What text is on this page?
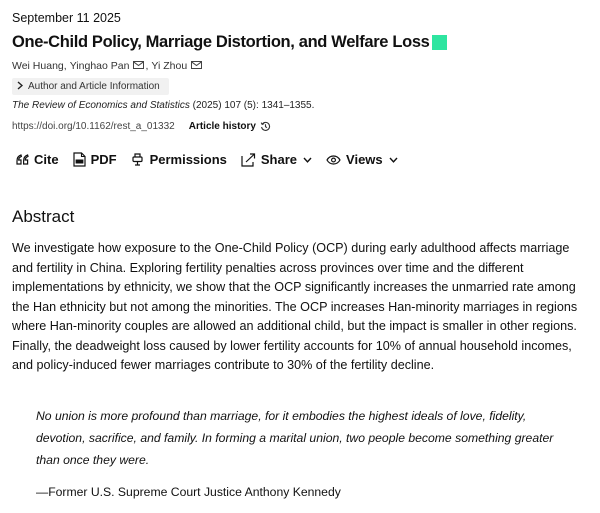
September 11 2025
One-Child Policy, Marriage Distortion, and Welfare Loss
Wei Huang , Yinghao Pan , Yi Zhou
Author and Article Information
The Review of Economics and Statistics (2025) 107 (5): 1341–1355.
https://doi.org/10.1162/rest_a_01332 Article history
Cite PDF	Permissions	Share	Views
Abstract
We investigate how exposure to the One-Child Policy (OCP) during early adulthood affects marriage and fertility in China. Exploring fertility penalties across provinces over time and the different implementations by ethnicity, we show that the OCP significantly increases the unmarried rate among the Han ethnicity but not among the minorities. The OCP increases Han-minority marriages in regions where Han-minority couples are allowed an additional child, but the impact is smaller in other regions. Finally, the deadweight loss caused by lower fertility accounts for 10% of annual household incomes, and policy-induced fewer marriages contribute to 30% of the fertility decline.
No union is more profound than marriage, for it embodies the highest ideals of love, fidelity, devotion, sacrifice, and family. In forming a marital union, two people become something greater than once they were.
—Former U.S. Supreme Court Justice Anthony Kennedy
